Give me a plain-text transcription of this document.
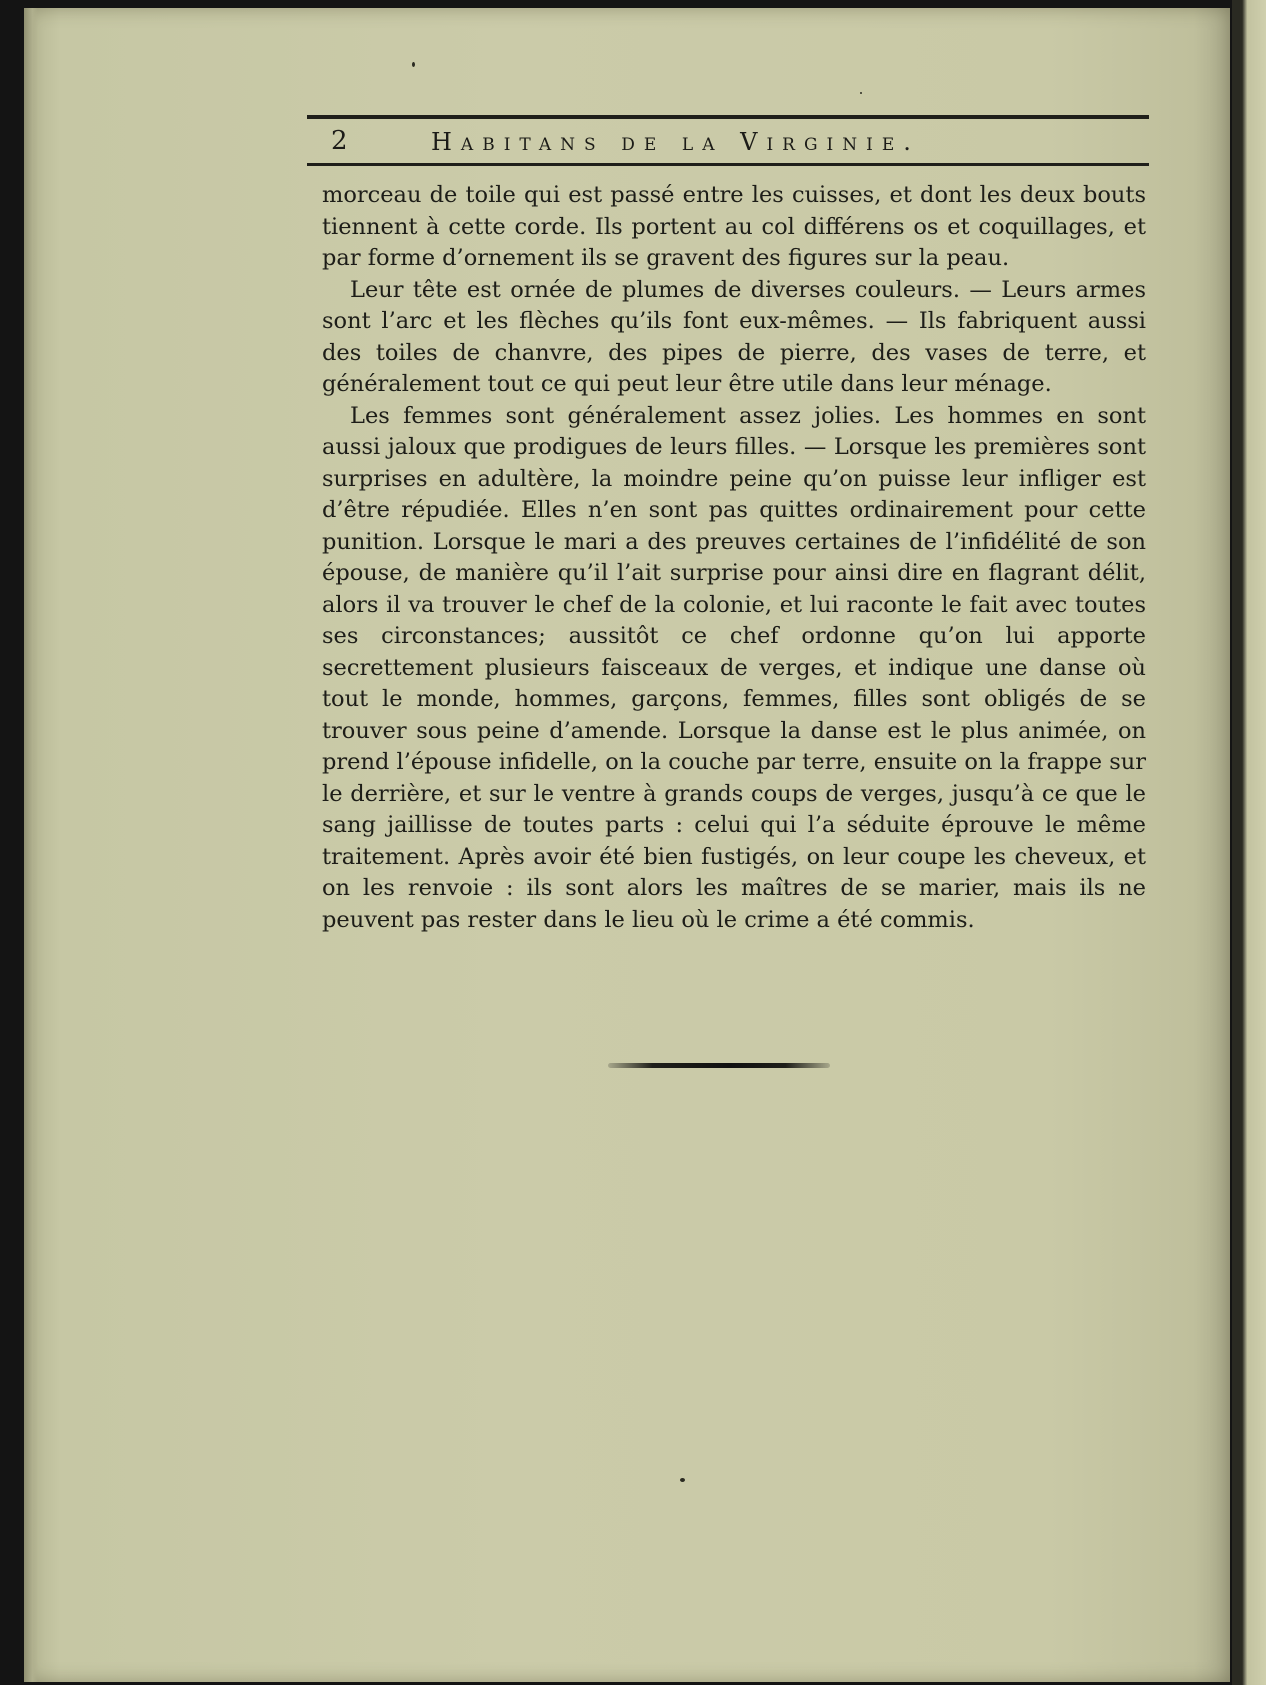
2	Habitans de la Virginie.

morceau de toile qui est passé entre les cuisses, et dont les deux bouts tiennent à cette corde. Ils portent au col différens os et coquillages, et par forme d’ornement ils se gravent des figures sur la peau.

Leur tête est ornée de plumes de diverses couleurs. — Leurs armes sont l’arc et les flèches qu’ils font eux-mêmes. — Ils fabriquent aussi des toiles de chanvre, des pipes de pierre, des vases de terre, et généralement tout ce qui peut leur être utile dans leur ménage.

Les femmes sont généralement assez jolies. Les hommes en sont aussi jaloux que prodigues de leurs filles. — Lorsque les premières sont surprises en adultère, la moindre peine qu’on puisse leur infliger est d’être répudiée. Elles n’en sont pas quittes ordinairement pour cette punition. Lorsque le mari a des preuves certaines de l’infidélité de son épouse, de manière qu’il l’ait surprise pour ainsi dire en flagrant délit, alors il va trouver le chef de la colonie, et lui raconte le fait avec toutes ses circonstances; aussitôt ce chef ordonne qu’on lui apporte secrettement plusieurs faisceaux de verges, et indique une danse où tout le monde, hommes, garçons, femmes, filles sont obligés de se trouver sous peine d’amende. Lorsque la danse est le plus animée, on prend l’épouse infidelle, on la couche par terre, ensuite on la frappe sur le derrière, et sur le ventre à grands coups de verges, jusqu’à ce que le sang jaillisse de toutes parts : celui qui l’a séduite éprouve le même traitement. Après avoir été bien fustigés, on leur coupe les cheveux, et on les renvoie : ils sont alors les maîtres de se marier, mais ils ne peuvent pas rester dans le lieu où le crime a été commis.
